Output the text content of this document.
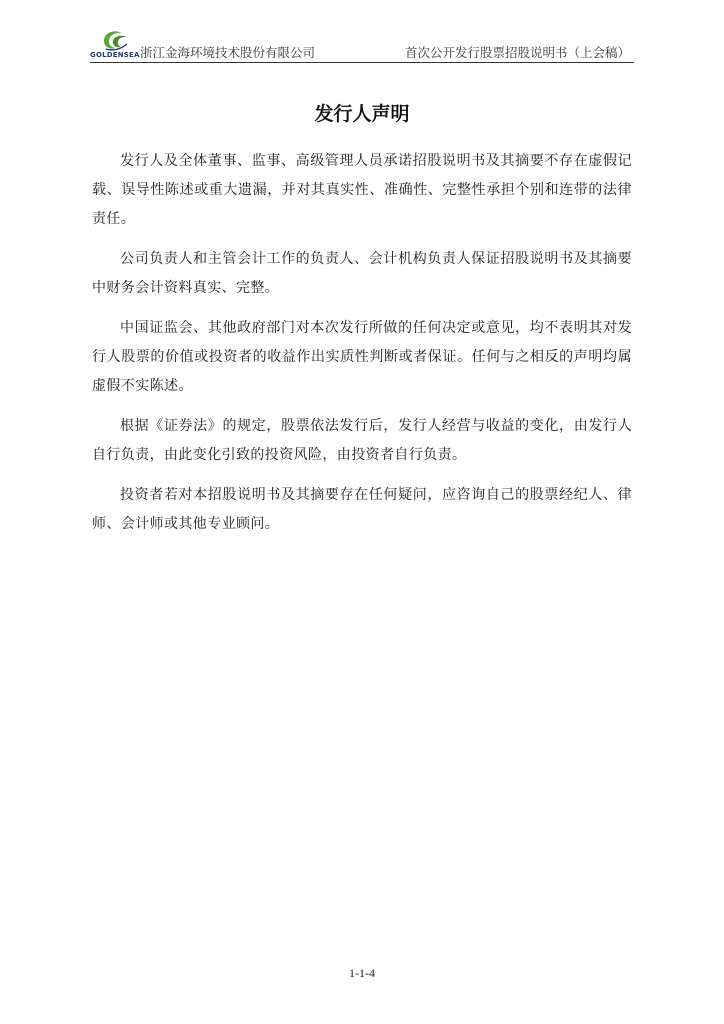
GOLDENSEA 浙江金海环境技术股份有限公司	首次公开发行股票招股说明书（上会稿）
发行人声明

发行人及全体董事、监事、高级管理人员承诺招股说明书及其摘要不存在虚假记载、误导性陈述或重大遗漏，并对其真实性、准确性、完整性承担个别和连带的法律责任。

公司负责人和主管会计工作的负责人、会计机构负责人保证招股说明书及其摘要中财务会计资料真实、完整。

中国证监会、其他政府部门对本次发行所做的任何决定或意见，均不表明其对发行人股票的价值或投资者的收益作出实质性判断或者保证。任何与之相反的声明均属虚假不实陈述。

根据《证券法》的规定，股票依法发行后，发行人经营与收益的变化，由发行人自行负责，由此变化引致的投资风险，由投资者自行负责。

投资者若对本招股说明书及其摘要存在任何疑问，应咨询自己的股票经纪人、律师、会计师或其他专业顾问。

1-1-4
